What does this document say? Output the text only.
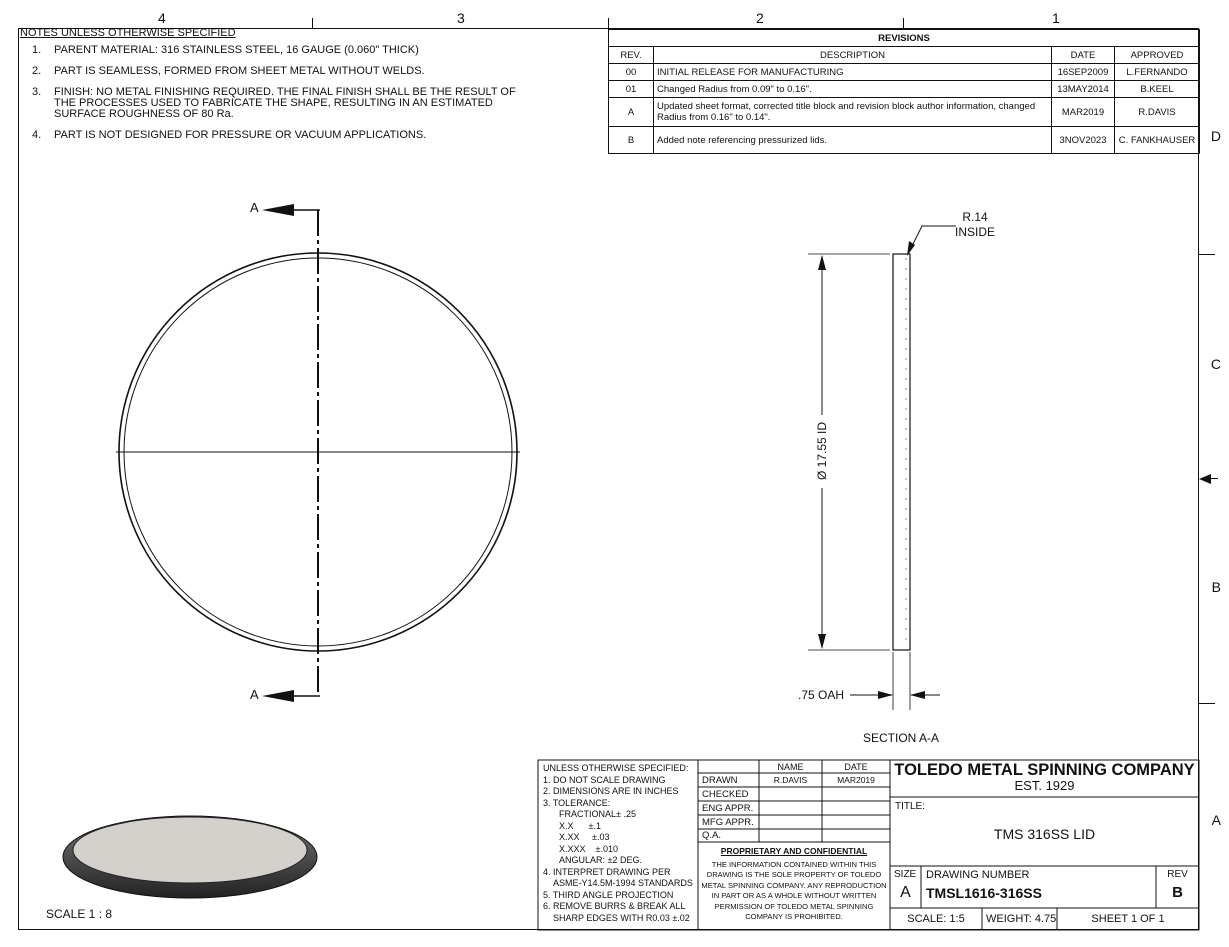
4	3	2	1
D
C
B
A
NOTES UNLESS OTHERWISE SPECIFIED
1.	PARENT MATERIAL: 316 STAINLESS STEEL, 16 GAUGE (0.060" THICK)
2.	PART IS SEAMLESS, FORMED FROM SHEET METAL WITHOUT WELDS.
3.	FINISH: NO METAL FINISHING REQUIRED. THE FINAL FINISH SHALL BE THE RESULT OF THE PROCESSES USED TO FABRICATE THE SHAPE, RESULTING IN AN ESTIMATED SURFACE ROUGHNESS OF 80 Ra.
4.	PART IS NOT DESIGNED FOR PRESSURE OR VACUUM APPLICATIONS.
REVISIONS			
REV.	DESCRIPTION	DATE	APPROVED
00	INITIAL RELEASE FOR MANUFACTURING	16SEP2009	L.FERNANDO
01	Changed Radius from 0.09" to 0.16".	13MAY2014	B.KEEL
A	Updated sheet format, corrected title block and revision block author information, changed Radius from 0.16" to 0.14".	MAR2019	R.DAVIS
B	Added note referencing pressurized lids.	3NOV2023	C. FANKHAUSER
A
A
R.14
INSIDE
Ø 17.55 ID
.75 OAH
SECTION A-A
SCALE 1 : 8
UNLESS OTHERWISE SPECIFIED:
1. DO NOT SCALE DRAWING
2. DIMENSIONS ARE IN INCHES
3. TOLERANCE:
FRACTIONAL± .25
X.X      ±.1
X.XX     ±.03
X.XXX    ±.010
ANGULAR: ±2 DEG.
4. INTERPRET DRAWING PER
ASME-Y14.5M-1994 STANDARDS
5. THIRD ANGLE PROJECTION
6. REMOVE BURRS & BREAK ALL
SHARP EDGES WITH R0.03 ±.02
NAME	DATE
DRAWN	R.DAVIS	MAR2019
CHECKED
ENG APPR.
MFG APPR.
Q.A.
PROPRIETARY AND CONFIDENTIAL
THE INFORMATION CONTAINED WITHIN THIS DRAWING IS THE SOLE PROPERTY OF TOLEDO METAL SPINNING COMPANY. ANY REPRODUCTION IN PART OR AS A WHOLE WITHOUT WRITTEN PERMISSION OF TOLEDO METAL SPINNING COMPANY IS PROHIBITED.
TOLEDO METAL SPINNING COMPANY
EST. 1929
TITLE:
TMS 316SS LID
SIZE
A
DRAWING NUMBER
TMSL1616-316SS
REV
B
SCALE: 1:5	WEIGHT: 4.75	SHEET 1 OF 1
